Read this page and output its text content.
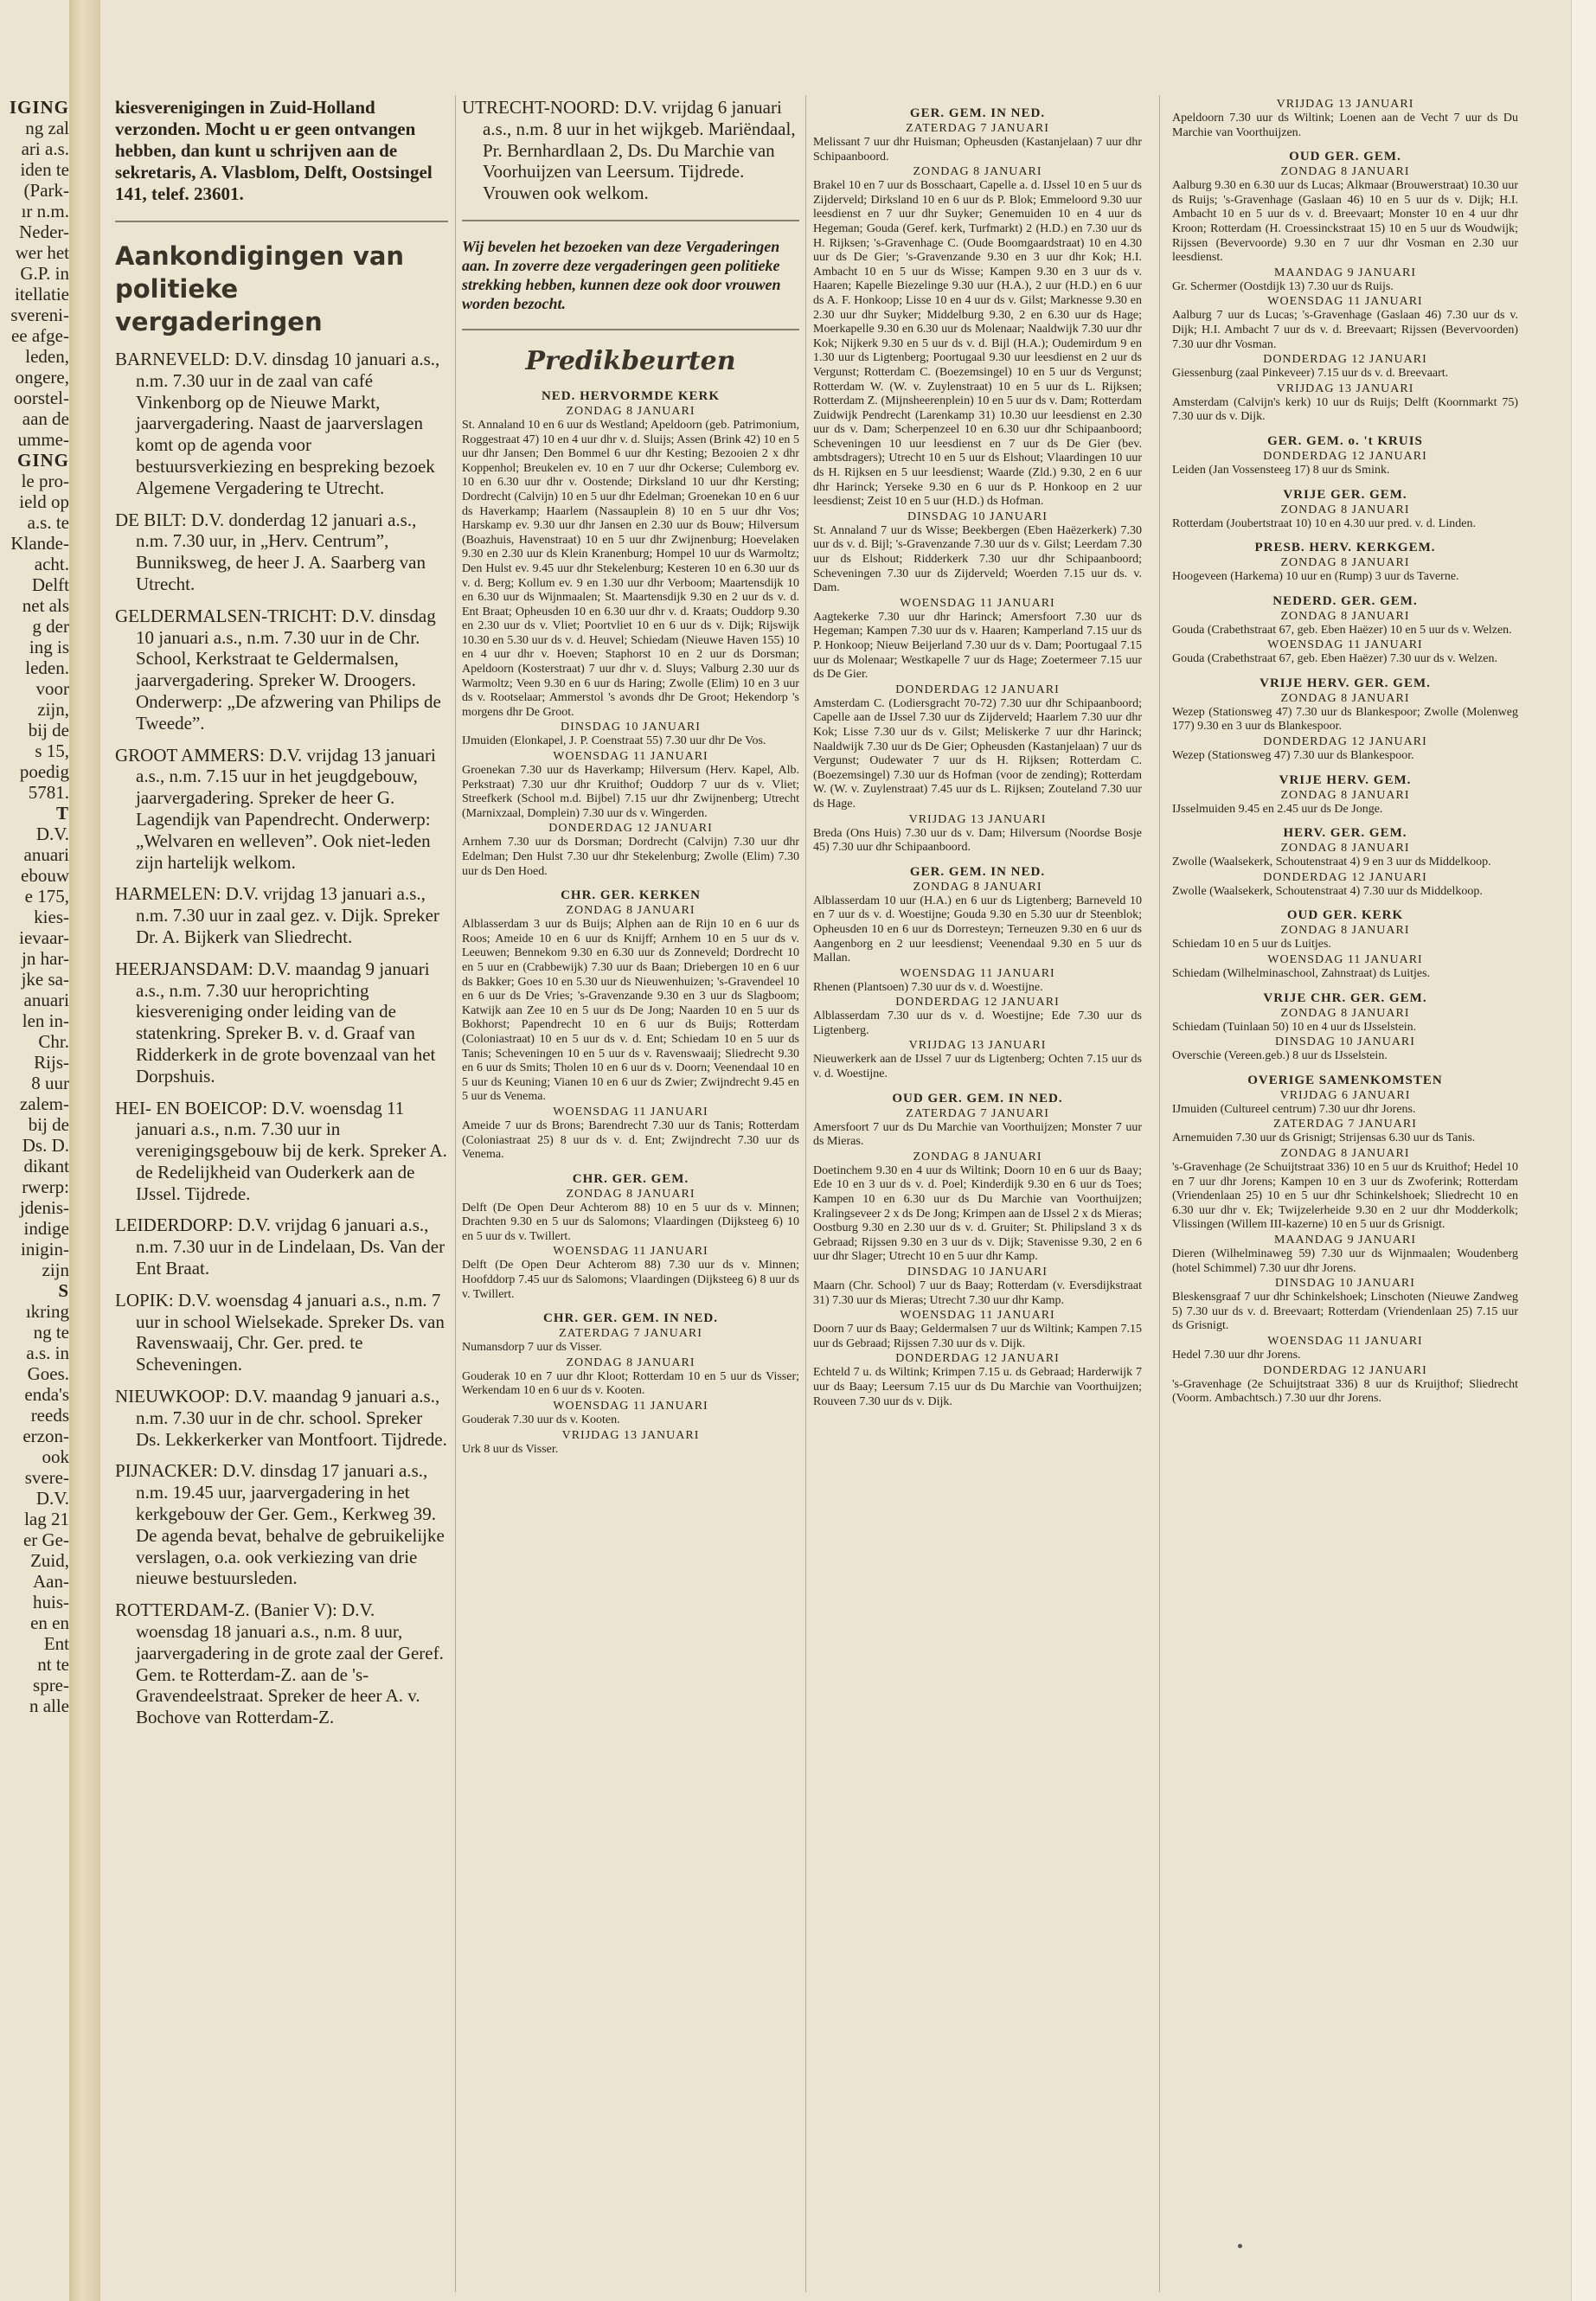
IGING

ng zal

ari a.s.

iden te

(Park-

ır n.m.

Neder-

wer het

G.P. in

itellatie

svereni-

ee afge-

leden,

ongere,

oorstel-

aan de

umme-

GING

le pro-

ield op

a.s. te

Klande-

acht.

Delft

net als

g der

ing is

leden.

voor

zijn,

bij de

s 15,

poedig

5781.

T

D.V.

anuari

ebouw

e 175,

kies-

ievaar-

jn har-

jke sa-

anuari

len in-

Chr.

Rijs-

8 uur

zalem-

bij de

Ds. D.

dikant

rwerp:

jdenis-

indige

inigin-

zijn

S

ıkring

ng te

a.s. in

Goes.

enda's

reeds

erzon-

ook

svere-

D.V.

lag 21

er Ge-

Zuid,

Aan-

huis-

en en

Ent

nt te

spre-

n alle

kiesverenigingen in Zuid-Holland verzonden. Mocht u er geen ontvangen hebben, dan kunt u schrijven aan de sekretaris, A. Vlasblom, Delft, Oostsingel 141, telef. 23601.

Aankondigingen van politieke vergaderingen

BARNEVELD: D.V. dinsdag 10 januari a.s., n.m. 7.30 uur in de zaal van café Vinkenborg op de Nieuwe Markt, jaarvergadering. Naast de jaarverslagen komt op de agenda voor bestuursverkiezing en bespreking bezoek Algemene Vergadering te Utrecht.

DE BILT: D.V. donderdag 12 januari a.s., n.m. 7.30 uur, in „Herv. Centrum”, Bunniksweg, de heer J. A. Saarberg van Utrecht.

GELDERMALSEN-TRICHT: D.V. dinsdag 10 januari a.s., n.m. 7.30 uur in de Chr. School, Kerkstraat te Geldermalsen, jaarvergadering. Spreker W. Droogers. Onderwerp: „De afzwering van Philips de Tweede”.

GROOT AMMERS: D.V. vrijdag 13 januari a.s., n.m. 7.15 uur in het jeugdgebouw, jaarvergadering. Spreker de heer G. Lagendijk van Papendrecht. Onderwerp: „Welvaren en welleven”. Ook niet-leden zijn hartelijk welkom.

HARMELEN: D.V. vrijdag 13 januari a.s., n.m. 7.30 uur in zaal gez. v. Dijk. Spreker Dr. A. Bijkerk van Sliedrecht.

HEERJANSDAM: D.V. maandag 9 januari a.s., n.m. 7.30 uur heroprichting kiesvereniging onder leiding van de statenkring. Spreker B. v. d. Graaf van Ridderkerk in de grote bovenzaal van het Dorpshuis.

HEI- EN BOEICOP: D.V. woensdag 11 januari a.s., n.m. 7.30 uur in verenigingsgebouw bij de kerk. Spreker A. de Redelijkheid van Ouderkerk aan de IJssel. Tijdrede.

LEIDERDORP: D.V. vrijdag 6 januari a.s., n.m. 7.30 uur in de Lindelaan, Ds. Van der Ent Braat.

LOPIK: D.V. woensdag 4 januari a.s., n.m. 7 uur in school Wielsekade. Spreker Ds. van Ravenswaaij, Chr. Ger. pred. te Scheveningen.

NIEUWKOOP: D.V. maandag 9 januari a.s., n.m. 7.30 uur in de chr. school. Spreker Ds. Lekkerkerker van Montfoort. Tijdrede.

PIJNACKER: D.V. dinsdag 17 januari a.s., n.m. 19.45 uur, jaarvergadering in het kerkgebouw der Ger. Gem., Kerkweg 39. De agenda bevat, behalve de gebruikelijke verslagen, o.a. ook verkiezing van drie nieuwe bestuursleden.

ROTTERDAM-Z. (Banier V): D.V. woensdag 18 januari a.s., n.m. 8 uur, jaarvergadering in de grote zaal der Geref. Gem. te Rotterdam-Z. aan de 's-Gravendeelstraat. Spreker de heer A. v. Bochove van Rotterdam-Z.

UTRECHT-NOORD: D.V. vrijdag 6 januari a.s., n.m. 8 uur in het wijkgeb. Mariëndaal, Pr. Bernhardlaan 2, Ds. Du Marchie van Voorhuijzen van Leersum. Tijdrede. Vrouwen ook welkom.

Wij bevelen het bezoeken van deze Vergaderingen aan. In zoverre deze vergaderingen geen politieke strekking hebben, kunnen deze ook door vrouwen worden bezocht.

Predikbeurten
NED. HERVORMDE KERK
ZONDAG 8 JANUARI

St. Annaland 10 en 6 uur ds Westland; Apeldoorn (geb. Patrimonium, Roggestraat 47) 10 en 4 uur dhr v. d. Sluijs; Assen (Brink 42) 10 en 5 uur dhr Jansen; Den Bommel 6 uur dhr Kesting; Bezooien 2 x dhr Koppenhol; Breukelen ev. 10 en 7 uur dhr Ockerse; Culemborg ev. 10 en 6.30 uur dhr v. Oostende; Dirksland 10 uur dhr Kersting; Dordrecht (Calvijn) 10 en 5 uur dhr Edelman; Groenekan 10 en 6 uur ds Haverkamp; Haarlem (Nassauplein 8) 10 en 5 uur dhr Vos; Harskamp ev. 9.30 uur dhr Jansen en 2.30 uur ds Bouw; Hilversum (Boazhuis, Havenstraat) 10 en 5 uur dhr Zwijnenburg; Hoevelaken 9.30 en 2.30 uur ds Klein Kranenburg; Hompel 10 uur ds Warmoltz; Den Hulst ev. 9.45 uur dhr Stekelenburg; Kesteren 10 en 6.30 uur ds v. d. Berg; Kollum ev. 9 en 1.30 uur dhr Verboom; Maartensdijk 10 en 6.30 uur ds Wijnmaalen; St. Maartensdijk 9.30 en 2 uur ds v. d. Ent Braat; Opheusden 10 en 6.30 uur dhr v. d. Kraats; Ouddorp 9.30 en 2.30 uur ds v. Vliet; Poortvliet 10 en 6 uur ds v. Dijk; Rijswijk 10.30 en 5.30 uur ds v. d. Heuvel; Schiedam (Nieuwe Haven 155) 10 en 4 uur dhr v. Hoeven; Staphorst 10 en 2 uur ds Dorsman; Apeldoorn (Kosterstraat) 7 uur dhr v. d. Sluys; Valburg 2.30 uur ds Warmoltz; Veen 9.30 en 6 uur ds Haring; Zwolle (Elim) 10 en 3 uur ds v. Rootselaar; Ammerstol 's avonds dhr De Groot; Hekendorp 's morgens dhr De Groot.

DINSDAG 10 JANUARI

IJmuiden (Elonkapel, J. P. Coenstraat 55) 7.30 uur dhr De Vos.

WOENSDAG 11 JANUARI

Groenekan 7.30 uur ds Haverkamp; Hilversum (Herv. Kapel, Alb. Perkstraat) 7.30 uur dhr Kruithof; Ouddorp 7 uur ds v. Vliet; Streefkerk (School m.d. Bijbel) 7.15 uur dhr Zwijnenberg; Utrecht (Marnixzaal, Domplein) 7.30 uur ds v. Wingerden.

DONDERDAG 12 JANUARI

Arnhem 7.30 uur ds Dorsman; Dordrecht (Calvijn) 7.30 uur dhr Edelman; Den Hulst 7.30 uur dhr Stekelenburg; Zwolle (Elim) 7.30 uur ds Den Hoed.

CHR. GER. KERKEN
ZONDAG 8 JANUARI

Alblasserdam 3 uur ds Buijs; Alphen aan de Rijn 10 en 6 uur ds Roos; Ameide 10 en 6 uur ds Knijff; Arnhem 10 en 5 uur ds v. Leeuwen; Bennekom 9.30 en 6.30 uur ds Zonneveld; Dordrecht 10 en 5 uur en (Crabbewijk) 7.30 uur ds Baan; Driebergen 10 en 6 uur ds Bakker; Goes 10 en 5.30 uur ds Nieuwenhuizen; 's-Gravendeel 10 en 6 uur ds De Vries; 's-Gravenzande 9.30 en 3 uur ds Slagboom; Katwijk aan Zee 10 en 5 uur ds De Jong; Naarden 10 en 5 uur ds Bokhorst; Papendrecht 10 en 6 uur ds Buijs; Rotterdam (Coloniastraat) 10 en 5 uur ds v. d. Ent; Schiedam 10 en 5 uur ds Tanis; Scheveningen 10 en 5 uur ds v. Ravenswaaij; Sliedrecht 9.30 en 6 uur ds Smits; Tholen 10 en 6 uur ds v. Doorn; Veenendaal 10 en 5 uur ds Keuning; Vianen 10 en 6 uur ds Zwier; Zwijndrecht 9.45 en 5 uur ds Venema.

WOENSDAG 11 JANUARI

Ameide 7 uur ds Brons; Barendrecht 7.30 uur ds Tanis; Rotterdam (Coloniastraat 25) 8 uur ds v. d. Ent; Zwijndrecht 7.30 uur ds Venema.

CHR. GER. GEM.
ZONDAG 8 JANUARI

Delft (De Open Deur Achterom 88) 10 en 5 uur ds v. Minnen; Drachten 9.30 en 5 uur ds Salomons; Vlaardingen (Dijksteeg 6) 10 en 5 uur ds v. Twillert.

WOENSDAG 11 JANUARI

Delft (De Open Deur Achterom 88) 7.30 uur ds v. Minnen; Hoofddorp 7.45 uur ds Salomons; Vlaardingen (Dijksteeg 6) 8 uur ds v. Twillert.

CHR. GER. GEM. IN NED.
ZATERDAG 7 JANUARI

Numansdorp 7 uur ds Visser.

ZONDAG 8 JANUARI

Gouderak 10 en 7 uur dhr Kloot; Rotterdam 10 en 5 uur ds Visser; Werkendam 10 en 6 uur ds v. Kooten.

WOENSDAG 11 JANUARI

Gouderak 7.30 uur ds v. Kooten.

VRIJDAG 13 JANUARI

Urk 8 uur ds Visser.

GER. GEM. IN NED.
ZATERDAG 7 JANUARI

Melissant 7 uur dhr Huisman; Opheusden (Kastanjelaan) 7 uur dhr Schipaanboord.

ZONDAG 8 JANUARI

Brakel 10 en 7 uur ds Bosschaart, Capelle a. d. IJssel 10 en 5 uur ds Zijderveld; Dirksland 10 en 6 uur ds P. Blok; Emmeloord 9.30 uur leesdienst en 7 uur dhr Suyker; Genemuiden 10 en 4 uur ds Hegeman; Gouda (Geref. kerk, Turfmarkt) 2 (H.D.) en 7.30 uur ds H. Rijksen; 's-Gravenhage C. (Oude Boomgaardstraat) 10 en 4.30 uur ds De Gier; 's-Gravenzande 9.30 en 3 uur dhr Kok; H.I. Ambacht 10 en 5 uur ds Wisse; Kampen 9.30 en 3 uur ds v. Haaren; Kapelle Biezelinge 9.30 uur (H.A.), 2 uur (H.D.) en 6 uur ds A. F. Honkoop; Lisse 10 en 4 uur ds v. Gilst; Marknesse 9.30 en 2.30 uur dhr Suyker; Middelburg 9.30, 2 en 6.30 uur ds Hage; Moerkapelle 9.30 en 6.30 uur ds Molenaar; Naaldwijk 7.30 uur dhr Kok; Nijkerk 9.30 en 5 uur ds v. d. Bijl (H.A.); Oudemirdum 9 en 1.30 uur ds Ligtenberg; Poortugaal 9.30 uur leesdienst en 2 uur ds Vergunst; Rotterdam C. (Boezemsingel) 10 en 5 uur ds Vergunst; Rotterdam W. (W. v. Zuylenstraat) 10 en 5 uur ds L. Rijksen; Rotterdam Z. (Mijnsheerenplein) 10 en 5 uur ds v. Dam; Rotterdam Zuidwijk Pendrecht (Larenkamp 31) 10.30 uur leesdienst en 2.30 uur ds v. Dam; Scherpenzeel 10 en 6.30 uur dhr Schipaanboord; Scheveningen 10 uur leesdienst en 7 uur ds De Gier (bev. ambtsdragers); Utrecht 10 en 5 uur ds Elshout; Vlaardingen 10 uur ds H. Rijksen en 5 uur leesdienst; Waarde (Zld.) 9.30, 2 en 6 uur dhr Harinck; Yerseke 9.30 en 6 uur ds P. Honkoop en 2 uur leesdienst; Zeist 10 en 5 uur (H.D.) ds Hofman.

DINSDAG 10 JANUARI

St. Annaland 7 uur ds Wisse; Beekbergen (Eben Haëzerkerk) 7.30 uur ds v. d. Bijl; 's-Gravenzande 7.30 uur ds v. Gilst; Leerdam 7.30 uur ds Elshout; Ridderkerk 7.30 uur dhr Schipaanboord; Scheveningen 7.30 uur ds Zijderveld; Woerden 7.15 uur ds. v. Dam.

WOENSDAG 11 JANUARI

Aagtekerke 7.30 uur dhr Harinck; Amersfoort 7.30 uur ds Hegeman; Kampen 7.30 uur ds v. Haaren; Kamperland 7.15 uur ds P. Honkoop; Nieuw Beijerland 7.30 uur ds v. Dam; Poortugaal 7.15 uur ds Molenaar; Westkapelle 7 uur ds Hage; Zoetermeer 7.15 uur ds De Gier.

DONDERDAG 12 JANUARI

Amsterdam C. (Lodiersgracht 70-72) 7.30 uur dhr Schipaanboord; Capelle aan de IJssel 7.30 uur ds Zijderveld; Haarlem 7.30 uur dhr Kok; Lisse 7.30 uur ds v. Gilst; Meliskerke 7 uur dhr Harinck; Naaldwijk 7.30 uur ds De Gier; Opheusden (Kastanjelaan) 7 uur ds Vergunst; Oudewater 7 uur ds H. Rijksen; Rotterdam C. (Boezemsingel) 7.30 uur ds Hofman (voor de zending); Rotterdam W. (W. v. Zuylenstraat) 7.45 uur ds L. Rijksen; Zouteland 7.30 uur ds Hage.

VRIJDAG 13 JANUARI

Breda (Ons Huis) 7.30 uur ds v. Dam; Hilversum (Noordse Bosje 45) 7.30 uur dhr Schipaanboord.

GER. GEM. IN NED.
ZONDAG 8 JANUARI

Alblasserdam 10 uur (H.A.) en 6 uur ds Ligtenberg; Barneveld 10 en 7 uur ds v. d. Woestijne; Gouda 9.30 en 5.30 uur dr Steenblok; Opheusden 10 en 6 uur ds Dorresteyn; Terneuzen 9.30 en 6 uur ds Aangenborg en 2 uur leesdienst; Veenendaal 9.30 en 5 uur ds Mallan.

WOENSDAG 11 JANUARI

Rhenen (Plantsoen) 7.30 uur ds v. d. Woestijne.

DONDERDAG 12 JANUARI

Alblasserdam 7.30 uur ds v. d. Woestijne; Ede 7.30 uur ds Ligtenberg.

VRIJDAG 13 JANUARI

Nieuwerkerk aan de IJssel 7 uur ds Ligtenberg; Ochten 7.15 uur ds v. d. Woestijne.

OUD GER. GEM. IN NED.
ZATERDAG 7 JANUARI

Amersfoort 7 uur ds Du Marchie van Voorthuijzen; Monster 7 uur ds Mieras.

ZONDAG 8 JANUARI

Doetinchem 9.30 en 4 uur ds Wiltink; Doorn 10 en 6 uur ds Baay; Ede 10 en 3 uur ds v. d. Poel; Kinderdijk 9.30 en 6 uur ds Toes; Kampen 10 en 6.30 uur ds Du Marchie van Voorthuijzen; Kralingseveer 2 x ds De Jong; Krimpen aan de IJssel 2 x ds Mieras; Oostburg 9.30 en 2.30 uur ds v. d. Gruiter; St. Philipsland 3 x ds Gebraad; Rijssen 9.30 en 3 uur ds v. Dijk; Stavenisse 9.30, 2 en 6 uur dhr Slager; Utrecht 10 en 5 uur dhr Kamp.

DINSDAG 10 JANUARI

Maarn (Chr. School) 7 uur ds Baay; Rotterdam (v. Eversdijkstraat 31) 7.30 uur ds Mieras; Utrecht 7.30 uur dhr Kamp.

WOENSDAG 11 JANUARI

Doorn 7 uur ds Baay; Geldermalsen 7 uur ds Wiltink; Kampen 7.15 uur ds Gebraad; Rijssen 7.30 uur ds v. Dijk.

DONDERDAG 12 JANUARI

Echteld 7 u. ds Wiltink; Krimpen 7.15 u. ds Gebraad; Harderwijk 7 uur ds Baay; Leersum 7.15 uur ds Du Marchie van Voorthuijzen; Rouveen 7.30 uur ds v. Dijk.

VRIJDAG 13 JANUARI

Apeldoorn 7.30 uur ds Wiltink; Loenen aan de Vecht 7 uur ds Du Marchie van Voorthuijzen.

OUD GER. GEM.
ZONDAG 8 JANUARI

Aalburg 9.30 en 6.30 uur ds Lucas; Alkmaar (Brouwerstraat) 10.30 uur ds Ruijs; 's-Gravenhage (Gaslaan 46) 10 en 5 uur ds v. Dijk; H.I. Ambacht 10 en 5 uur ds v. d. Breevaart; Monster 10 en 4 uur dhr Kroon; Rotterdam (H. Croessinckstraat 15) 10 en 5 uur ds Woudwijk; Rijssen (Bevervoorde) 9.30 en 7 uur dhr Vosman en 2.30 uur leesdienst.

MAANDAG 9 JANUARI

Gr. Schermer (Oostdijk 13) 7.30 uur ds Ruijs.

WOENSDAG 11 JANUARI

Aalburg 7 uur ds Lucas; 's-Gravenhage (Gaslaan 46) 7.30 uur ds v. Dijk; H.I. Ambacht 7 uur ds v. d. Breevaart; Rijssen (Bevervoorden) 7.30 uur dhr Vosman.

DONDERDAG 12 JANUARI

Giessenburg (zaal Pinkeveer) 7.15 uur ds v. d. Breevaart.

VRIJDAG 13 JANUARI

Amsterdam (Calvijn's kerk) 10 uur ds Ruijs; Delft (Koornmarkt 75) 7.30 uur ds v. Dijk.

GER. GEM. o. 't KRUIS
DONDERDAG 12 JANUARI

Leiden (Jan Vossensteeg 17) 8 uur ds Smink.

VRIJE GER. GEM.
ZONDAG 8 JANUARI

Rotterdam (Joubertstraat 10) 10 en 4.30 uur pred. v. d. Linden.

PRESB. HERV. KERKGEM.
ZONDAG 8 JANUARI

Hoogeveen (Harkema) 10 uur en (Rump) 3 uur ds Taverne.

NEDERD. GER. GEM.
ZONDAG 8 JANUARI

Gouda (Crabethstraat 67, geb. Eben Haëzer) 10 en 5 uur ds v. Welzen.

WOENSDAG 11 JANUARI

Gouda (Crabethstraat 67, geb. Eben Haëzer) 7.30 uur ds v. Welzen.

VRIJE HERV. GER. GEM.
ZONDAG 8 JANUARI

Wezep (Stationsweg 47) 7.30 uur ds Blankespoor; Zwolle (Molenweg 177) 9.30 en 3 uur ds Blankespoor.

DONDERDAG 12 JANUARI

Wezep (Stationsweg 47) 7.30 uur ds Blankespoor.

VRIJE HERV. GEM.
ZONDAG 8 JANUARI

IJsselmuiden 9.45 en 2.45 uur ds De Jonge.

HERV. GER. GEM.
ZONDAG 8 JANUARI

Zwolle (Waalsekerk, Schoutenstraat 4) 9 en 3 uur ds Middelkoop.

DONDERDAG 12 JANUARI

Zwolle (Waalsekerk, Schoutenstraat 4) 7.30 uur ds Middelkoop.

OUD GER. KERK
ZONDAG 8 JANUARI

Schiedam 10 en 5 uur ds Luitjes.

WOENSDAG 11 JANUARI

Schiedam (Wilhelminaschool, Zahnstraat) ds Luitjes.

VRIJE CHR. GER. GEM.
ZONDAG 8 JANUARI

Schiedam (Tuinlaan 50) 10 en 4 uur ds IJsselstein.

DINSDAG 10 JANUARI

Overschie (Vereen.geb.) 8 uur ds IJsselstein.

OVERIGE SAMENKOMSTEN
VRIJDAG 6 JANUARI

IJmuiden (Cultureel centrum) 7.30 uur dhr Jorens.

ZATERDAG 7 JANUARI

Arnemuiden 7.30 uur ds Grisnigt; Strijensas 6.30 uur ds Tanis.

ZONDAG 8 JANUARI

's-Gravenhage (2e Schuijtstraat 336) 10 en 5 uur ds Kruithof; Hedel 10 en 7 uur dhr Jorens; Kampen 10 en 3 uur ds Zwoferink; Rotterdam (Vriendenlaan 25) 10 en 5 uur dhr Schinkelshoek; Sliedrecht 10 en 6.30 uur dhr v. Ek; Twijzelerheide 9.30 en 2 uur dhr Modderkolk; Vlissingen (Willem III-kazerne) 10 en 5 uur ds Grisnigt.

MAANDAG 9 JANUARI

Dieren (Wilhelminaweg 59) 7.30 uur ds Wijnmaalen; Woudenberg (hotel Schimmel) 7.30 uur dhr Jorens.

DINSDAG 10 JANUARI

Bleskensgraaf 7 uur dhr Schinkelshoek; Linschoten (Nieuwe Zandweg 5) 7.30 uur ds v. d. Breevaart; Rotterdam (Vriendenlaan 25) 7.15 uur ds Grisnigt.

WOENSDAG 11 JANUARI

Hedel 7.30 uur dhr Jorens.

DONDERDAG 12 JANUARI

's-Gravenhage (2e Schuijtstraat 336) 8 uur ds Kruijthof; Sliedrecht (Voorm. Ambachtsch.) 7.30 uur dhr Jorens.
